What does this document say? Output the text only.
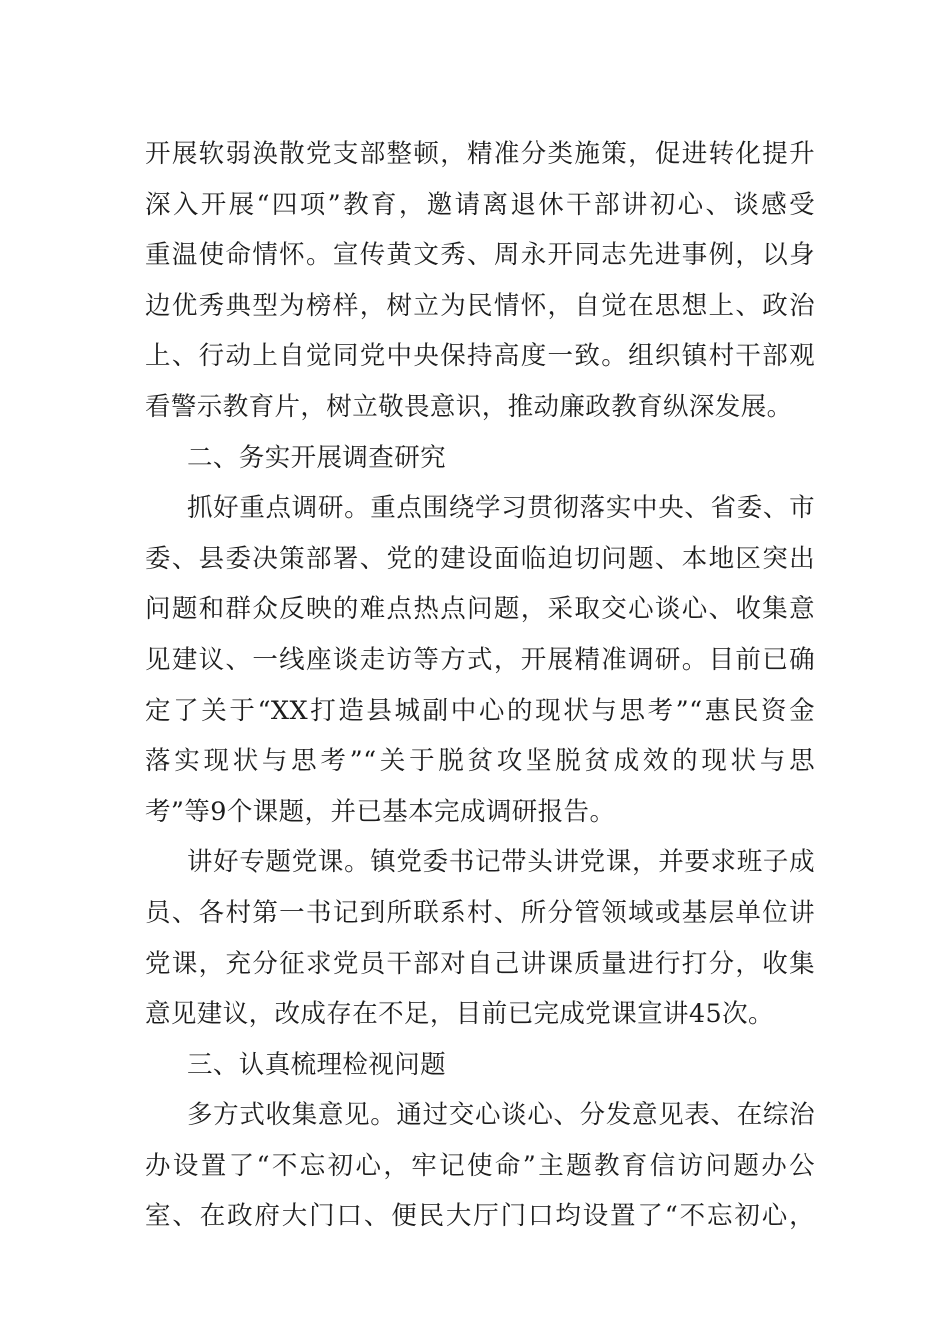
开展软弱涣散党支部整顿，精准分类施策，促进转化提升
深入开展“四项”教育，邀请离退休干部讲初心、谈感受
重温使命情怀。宣传黄文秀、周永开同志先进事例，以身
边优秀典型为榜样，树立为民情怀，自觉在思想上、政治
上、行动上自觉同党中央保持高度一致。组织镇村干部观
看警示教育片，树立敬畏意识，推动廉政教育纵深发展。
二、务实开展调查研究
抓好重点调研。重点围绕学习贯彻落实中央、省委、市
委、县委决策部署、党的建设面临迫切问题、本地区突出
问题和群众反映的难点热点问题，采取交心谈心、收集意
见建议、一线座谈走访等方式，开展精准调研。目前已确
定了关于“XX打造县城副中心的现状与思考”“惠民资金
落实现状与思考”“关于脱贫攻坚脱贫成效的现状与思
考”等9个课题，并已基本完成调研报告。
讲好专题党课。镇党委书记带头讲党课，并要求班子成
员、各村第一书记到所联系村、所分管领域或基层单位讲
党课，充分征求党员干部对自己讲课质量进行打分，收集
意见建议，改成存在不足，目前已完成党课宣讲45次。
三、认真梳理检视问题
多方式收集意见。通过交心谈心、分发意见表、在综治
办设置了“不忘初心，牢记使命”主题教育信访问题办公
室、在政府大门口、便民大厅门口均设置了“不忘初心，
